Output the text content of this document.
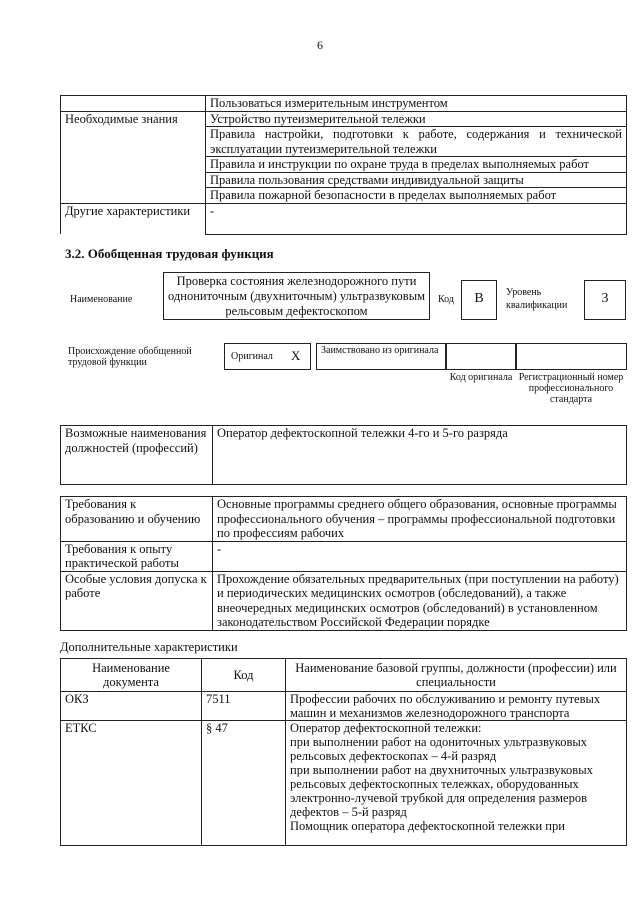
6
	Пользоваться измерительным инструментом
Необходимые знания	Устройство путеизмерительной тележки
	Правила настройки, подготовки к работе, содержания и технической эксплуатации путеизмерительной тележки
	Правила и инструкции по охране труда в пределах выполняемых работ
	Правила пользования средствами индивидуальной защиты
	Правила пожарной безопасности в пределах выполняемых работ
Другие характеристики	-
3.2. Обобщенная трудовая функция
Наименование
Проверка состояния железнодорожного пути однониточным (двухниточным) ультразвуковым рельсовым дефектоскопом
Код	В	Уровень квалификации	3
Происхождение обобщенной трудовой функции
Оригинал X Заимствовано из оригинала
Код оригинала Регистрационный номер профессионального стандарта
Возможные наименования должностей (профессий)	Оператор дефектоскопной тележки 4-го и 5-го разряда
Требования к образованию и обучению	Основные программы среднего общего образования, основные программы профессионального обучения – программы профессиональной подготовки по профессиям рабочих
Требования к опыту практической работы	-
Особые условия допуска к работе	Прохождение обязательных предварительных (при поступлении на работу) и периодических медицинских осмотров (обследований), а также внеочередных медицинских осмотров (обследований) в установленном законодательством Российской Федерации порядке
Дополнительные характеристики
Наименование документа	Код	Наименование базовой группы, должности (профессии) или специальности
ОКЗ	7511	Профессии рабочих по обслуживанию и ремонту путевых машин и механизмов железнодорожного транспорта
ЕТКС	§ 47	Оператор дефектоскопной тележки:
при выполнении работ на одониточных ультразвуковых рельсовых дефектоскопах – 4-й разряд
при выполнении работ на двухниточных ультразвуковых рельсовых дефектоскопных тележках, оборудованных электронно-лучевой трубкой для определения размеров дефектов – 5-й разряд
Помощник оператора дефектоскопной тележки при
